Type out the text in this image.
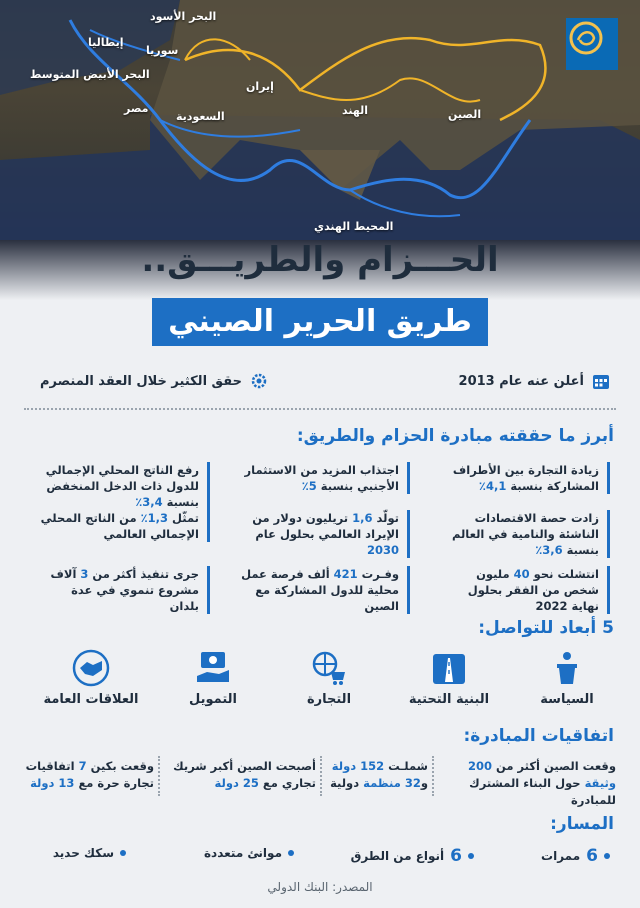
البحر الأسود
إيطاليا
سوريا
البحر الأبيض المتوسط
إيران
مصر
السعودية	الهند	الصين
المحيط الهندي
الحـــزام والطريـــق..
طريق الحرير الصيني
أعلن عنه عام 2013
حقق الكثير خلال العقد المنصرم
أبرز ما حققته مبادرة الحزام والطريق:
زيادة التجارة بين الأطراف المشاركة بنسبة 4,1٪
اجتذاب المزيد من الاستثمار الأجنبي بنسبة 5٪
رفع الناتج المحلي الإجمالي للدول ذات الدخل المنخفض بنسبة 3,4٪
زادت حصة الاقتصادات الناشئة والنامية في العالم بنسبة 3,6٪
تولّد 1,6 تريليون دولار من الإيراد العالمي بحلول عام 2030
تمثّل 1,3٪ من الناتج المحلي الإجمالي العالمي
انتشلت نحو 40 مليون شخص من الفقر بحلول نهاية 2022
وفـرت 421 ألف فرصة عمل محلية للدول المشاركة مع الصين
جرى تنفيذ أكثر من 3 آلاف مشروع تنموي في عدة بلدان
5 أبعاد للتواصل:
السياسة
البنية التحتية
التجارة
التمويل
العلاقات العامة
اتفاقيات المبادرة:
وقعت الصين أكثر من 200 وثيقة حول البناء المشترك للمبادرة
شملـت 152 دولة و32 منظمة دولية
أصبحت الصين أكبر شريك تجاري مع 25 دولة
وقعت بكين 7 اتفاقيات تجارة حرة مع 13 دولة
المسار:
6
ممرات
6
أنواع من الطرق
موانئ متعددة
سكك حديد
المصدر: البنك الدولي
